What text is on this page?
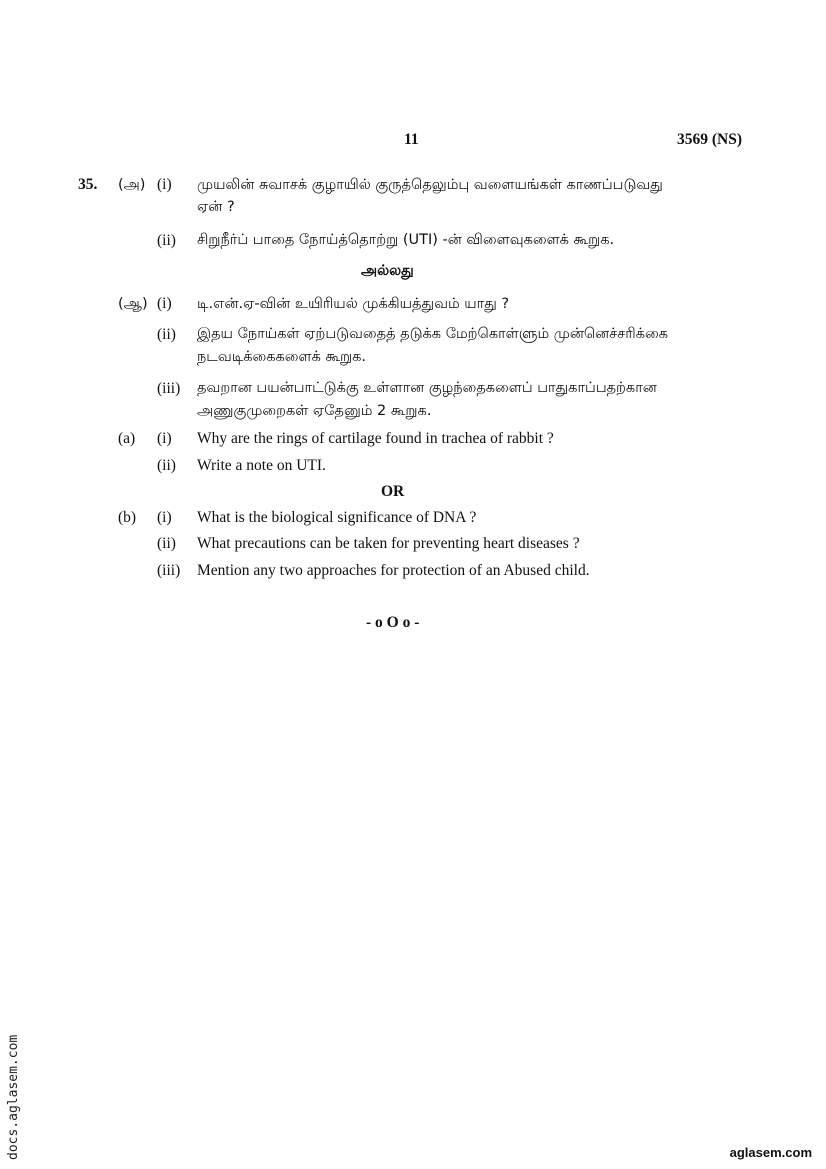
11	3569 (NS)
35. (அ) (i) முயலின் சுவாசக் குழாயில் குருத்தெலும்பு வளையங்கள் காணப்படுவது
ஏன் ?
(ii) சிறுநீர்ப் பாதை நோய்த்தொற்று (UTI) -ன் விளைவுகளைக் கூறுக.
அல்லது
(ஆ) (i) டி.என்.ஏ-வின் உயிரியல் முக்கியத்துவம் யாது ?
(ii) இதய நோய்கள் ஏற்படுவதைத் தடுக்க மேற்கொள்ளும் முன்னெச்சரிக்கை
நடவடிக்கைகளைக் கூறுக.
(iii) தவறான பயன்பாட்டுக்கு உள்ளான குழந்தைகளைப் பாதுகாப்பதற்கான
அணுகுமுறைகள் ஏதேனும் 2 கூறுக.
(a) (i) Why are the rings of cartilage found in trachea of rabbit ?
(ii) Write a note on UTI.
OR
(b) (i) What is the biological significance of DNA ?
(ii) What precautions can be taken for preventing heart diseases ?
(iii) Mention any two approaches for protection of an Abused child.
- o O o -
docs.aglasem.com	aglasem.com
